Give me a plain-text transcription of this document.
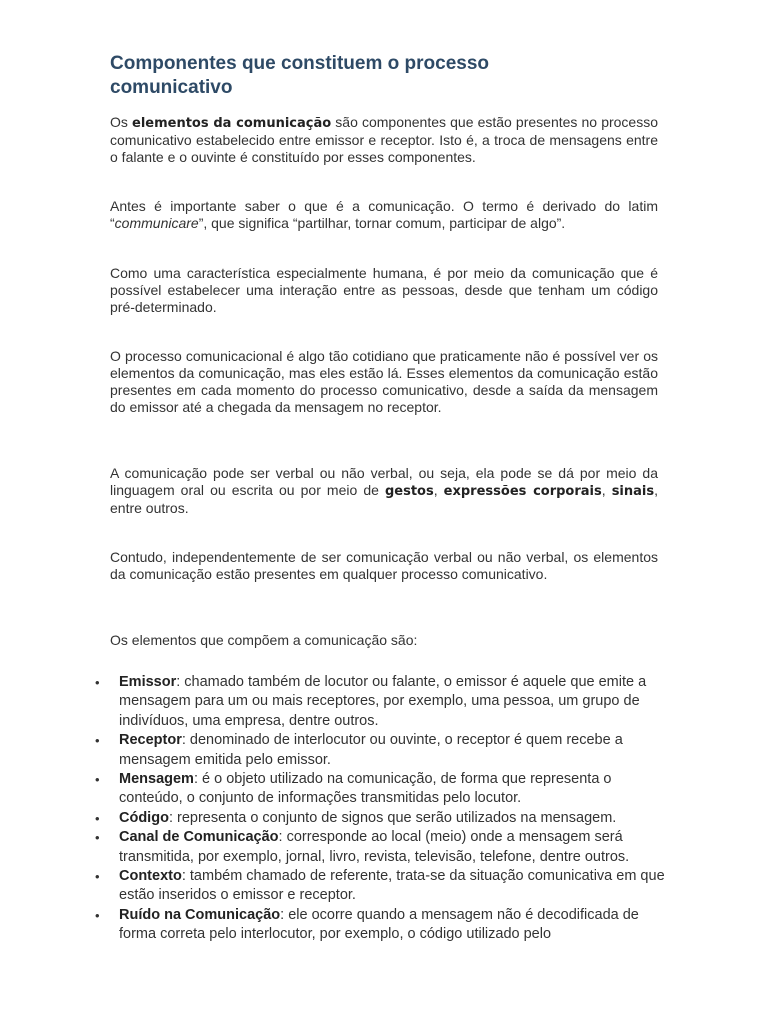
Componentes que constituem o processo comunicativo

Os elementos da comunicação são componentes que estão presentes no processo comunicativo estabelecido entre emissor e receptor. Isto é, a troca de mensagens entre o falante e o ouvinte é constituído por esses componentes.

Antes é importante saber o que é a comunicação. O termo é derivado do latim “communicare”, que significa “partilhar, tornar comum, participar de algo”.

Como uma característica especialmente humana, é por meio da comunicação que é possível estabelecer uma interação entre as pessoas, desde que tenham um código pré-determinado.

O processo comunicacional é algo tão cotidiano que praticamente não é possível ver os elementos da comunicação, mas eles estão lá. Esses elementos da comunicação estão presentes em cada momento do processo comunicativo, desde a saída da mensagem do emissor até a chegada da mensagem no receptor.

A comunicação pode ser verbal ou não verbal, ou seja, ela pode se dá por meio da linguagem oral ou escrita ou por meio de gestos, expressões corporais, sinais, entre outros.

Contudo, independentemente de ser comunicação verbal ou não verbal, os elementos da comunicação estão presentes em qualquer processo comunicativo.

Os elementos que compõem a comunicação são:

• Emissor: chamado também de locutor ou falante, o emissor é aquele que emite a mensagem para um ou mais receptores, por exemplo, uma pessoa, um grupo de indivíduos, uma empresa, dentre outros.
• Receptor: denominado de interlocutor ou ouvinte, o receptor é quem recebe a mensagem emitida pelo emissor.
• Mensagem: é o objeto utilizado na comunicação, de forma que representa o conteúdo, o conjunto de informações transmitidas pelo locutor.
• Código: representa o conjunto de signos que serão utilizados na mensagem.
• Canal de Comunicação: corresponde ao local (meio) onde a mensagem será transmitida, por exemplo, jornal, livro, revista, televisão, telefone, dentre outros.
• Contexto: também chamado de referente, trata-se da situação comunicativa em que estão inseridos o emissor e receptor.
• Ruído na Comunicação: ele ocorre quando a mensagem não é decodificada de forma correta pelo interlocutor, por exemplo, o código utilizado pelo
